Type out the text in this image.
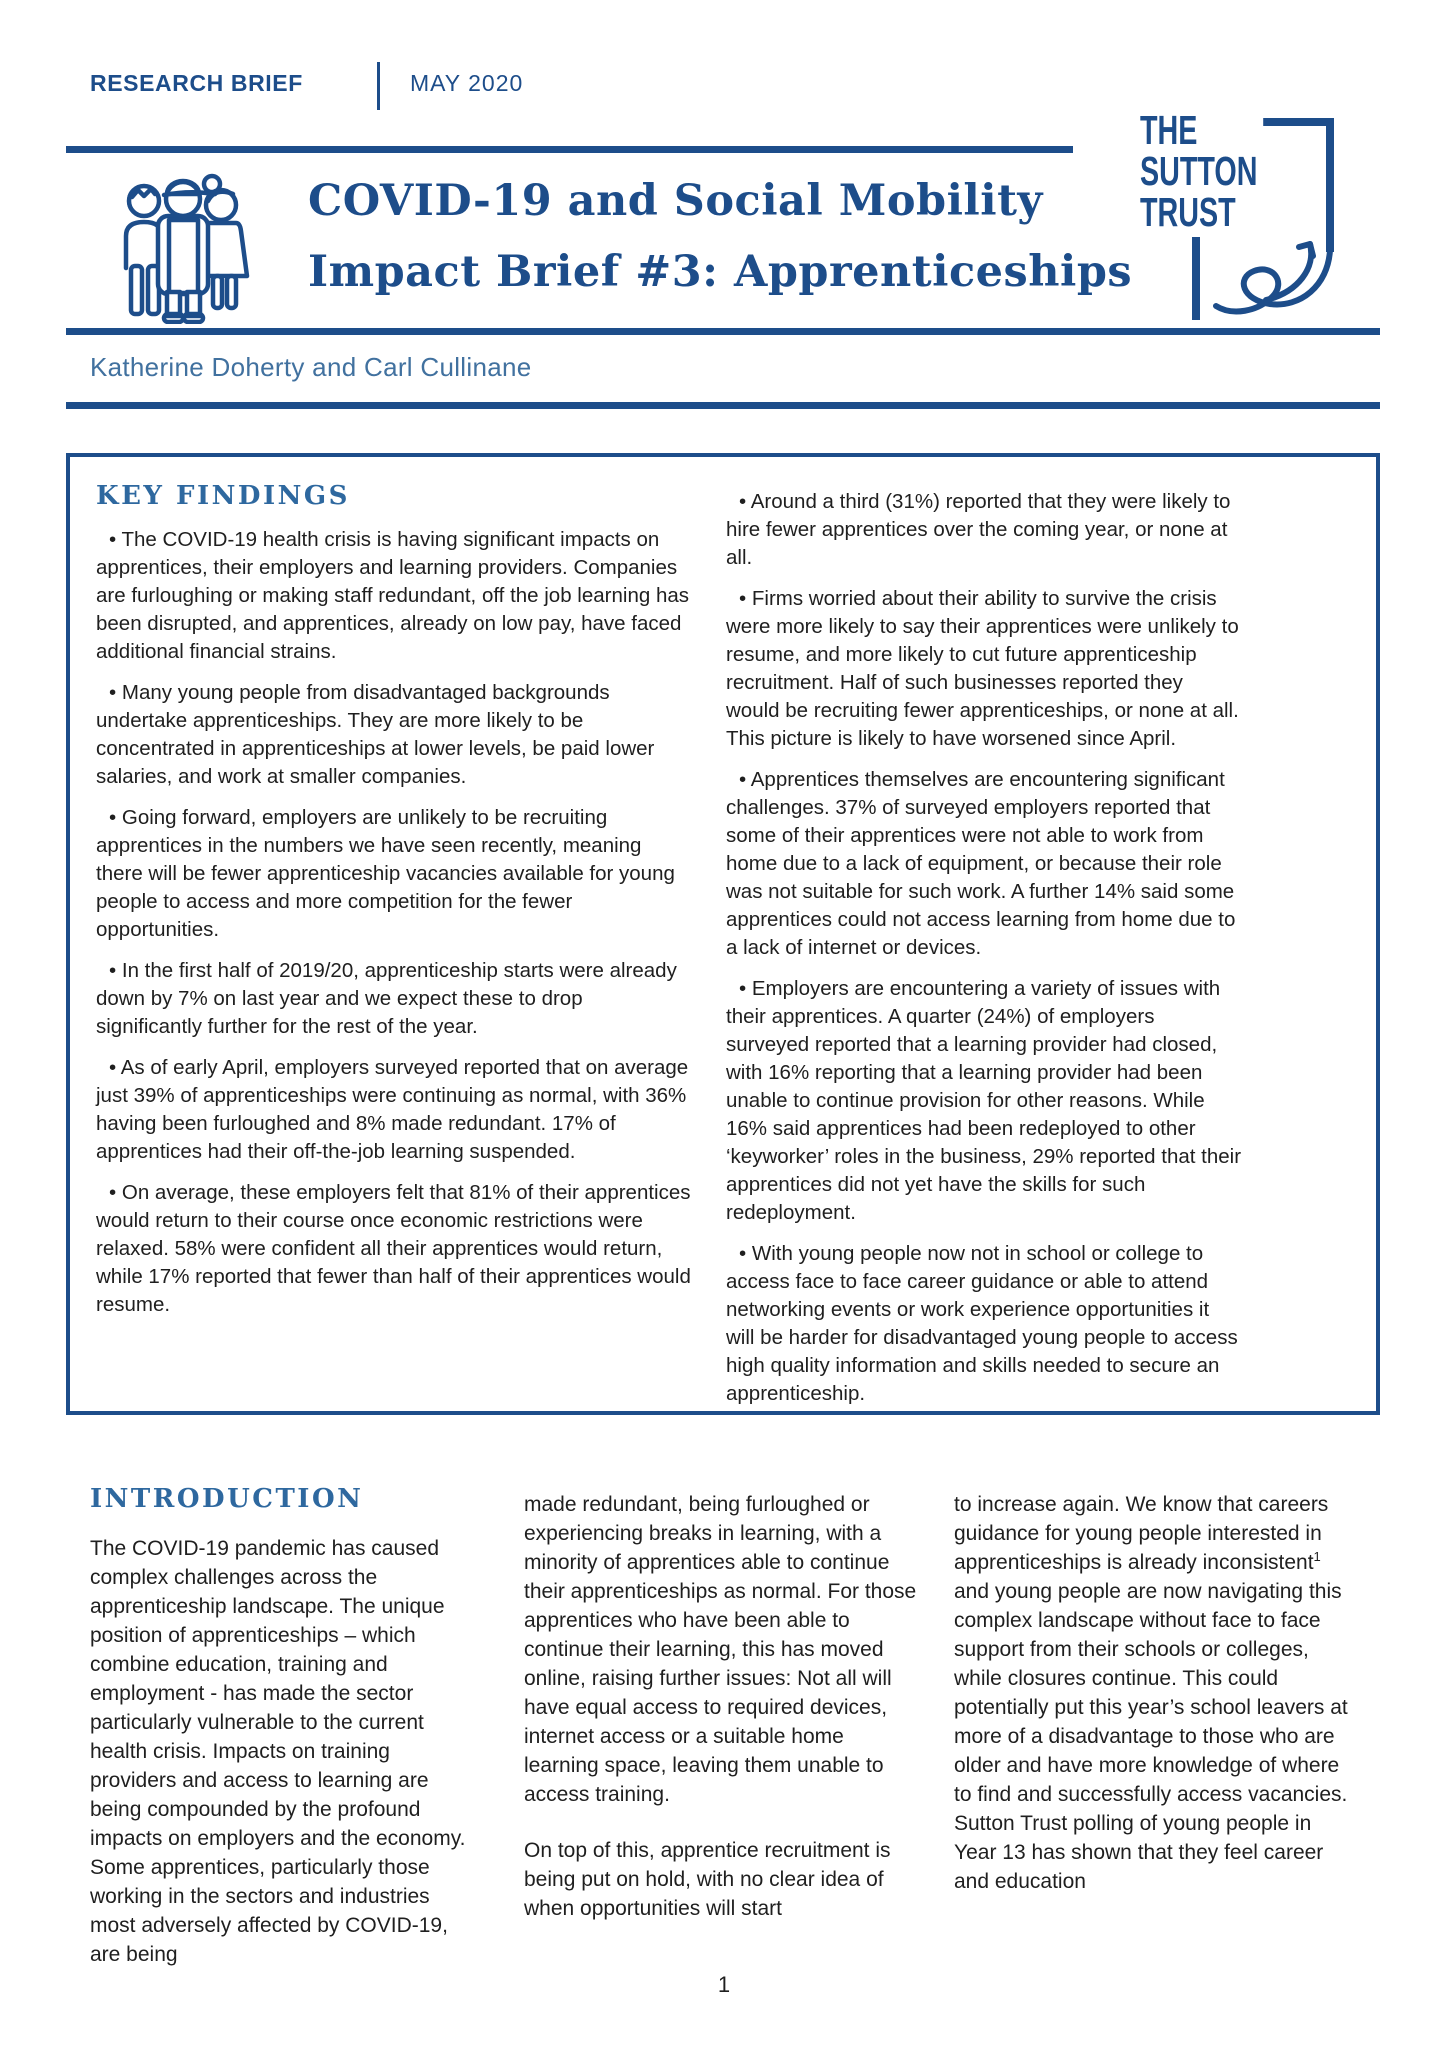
RESEARCH BRIEF	MAY 2020
COVID-19 and Social Mobility
Impact Brief #3: Apprenticeships
THE
SUTTON
TRUST
Katherine Doherty and Carl Cullinane
KEY FINDINGS

• The COVID-19 health crisis is having significant impacts on apprentices, their employers and learning providers. Companies are furloughing or making staff redundant, off the job learning has been disrupted, and apprentices, already on low pay, have faced additional financial strains.

• Many young people from disadvantaged backgrounds undertake apprenticeships. They are more likely to be concentrated in apprenticeships at lower levels, be paid lower salaries, and work at smaller companies.

• Going forward, employers are unlikely to be recruiting apprentices in the numbers we have seen recently, meaning there will be fewer apprenticeship vacancies available for young people to access and more competition for the fewer opportunities.

• In the first half of 2019/20, apprenticeship starts were already down by 7% on last year and we expect these to drop significantly further for the rest of the year.

• As of early April, employers surveyed reported that on average just 39% of apprenticeships were continuing as normal, with 36% having been furloughed and 8% made redundant. 17% of apprentices had their off-the-job learning suspended.

• On average, these employers felt that 81% of their apprentices would return to their course once economic restrictions were relaxed. 58% were confident all their apprentices would return, while 17% reported that fewer than half of their apprentices would resume.

• Around a third (31%) reported that they were likely to hire fewer apprentices over the coming year, or none at all.

• Firms worried about their ability to survive the crisis were more likely to say their apprentices were unlikely to resume, and more likely to cut future apprenticeship recruitment. Half of such businesses reported they would be recruiting fewer apprenticeships, or none at all. This picture is likely to have worsened since April.

• Apprentices themselves are encountering significant challenges. 37% of surveyed employers reported that some of their apprentices were not able to work from home due to a lack of equipment, or because their role was not suitable for such work. A further 14% said some apprentices could not access learning from home due to a lack of internet or devices.

• Employers are encountering a variety of issues with their apprentices. A quarter (24%) of employers surveyed reported that a learning provider had closed, with 16% reporting that a learning provider had been unable to continue provision for other reasons. While 16% said apprentices had been redeployed to other ‘keyworker’ roles in the business, 29% reported that their apprentices did not yet have the skills for such redeployment.

• With young people now not in school or college to access face to face career guidance or able to attend networking events or work experience opportunities it will be harder for disadvantaged young people to access high quality information and skills needed to secure an apprenticeship.

INTRODUCTION

The COVID-19 pandemic has caused complex challenges across the apprenticeship landscape. The unique position of apprenticeships – which combine education, training and employment - has made the sector particularly vulnerable to the current health crisis. Impacts on training providers and access to learning are being compounded by the profound impacts on employers and the economy. Some apprentices, particularly those working in the sectors and industries most adversely affected by COVID-19, are being

made redundant, being furloughed or experiencing breaks in learning, with a minority of apprentices able to continue their apprenticeships as normal. For those apprentices who have been able to continue their learning, this has moved online, raising further issues: Not all will have equal access to required devices, internet access or a suitable home learning space, leaving them unable to access training.

On top of this, apprentice recruitment is being put on hold, with no clear idea of when opportunities will start

to increase again. We know that careers guidance for young people interested in apprenticeships is already inconsistent$^1$ and young people are now navigating this complex landscape without face to face support from their schools or colleges, while closures continue. This could potentially put this year’s school leavers at more of a disadvantage to those who are older and have more knowledge of where to find and successfully access vacancies. Sutton Trust polling of young people in Year 13 has shown that they feel career and education

1
